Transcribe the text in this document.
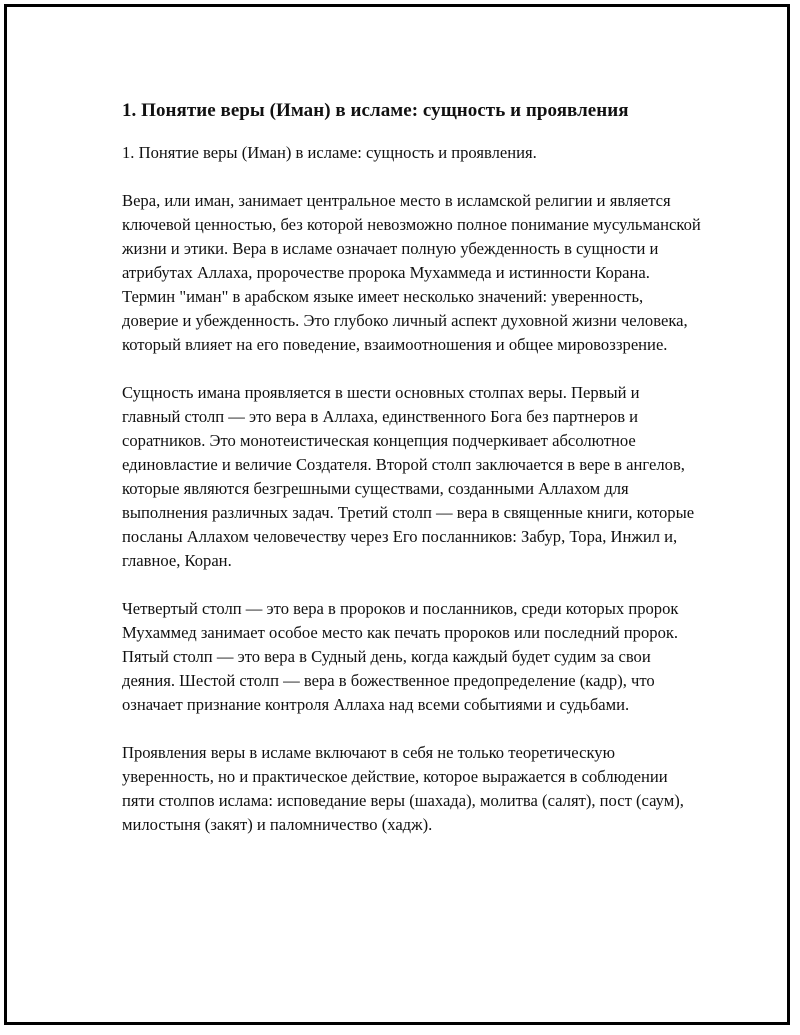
1. Понятие веры (Иман) в исламе: сущность и проявления

1. Понятие веры (Иман) в исламе: сущность и проявления.

Вера, или иман, занимает центральное место в исламской религии и является ключевой ценностью, без которой невозможно полное понимание мусульманской жизни и этики. Вера в исламе означает полную убежденность в сущности и атрибутах Аллаха, пророчестве пророка Мухаммеда и истинности Корана. Термин "иман" в арабском языке имеет несколько значений: уверенность, доверие и убежденность. Это глубоко личный аспект духовной жизни человека, который влияет на его поведение, взаимоотношения и общее мировоззрение.

Сущность имана проявляется в шести основных столпах веры. Первый и главный столп — это вера в Аллаха, единственного Бога без партнеров и соратников. Это монотеистическая концепция подчеркивает абсолютное единовластие и величие Создателя. Второй столп заключается в вере в ангелов, которые являются безгрешными существами, созданными Аллахом для выполнения различных задач. Третий столп — вера в священные книги, которые посланы Аллахом человечеству через Его посланников: Забур, Тора, Инжил и, главное, Коран.

Четвертый столп — это вера в пророков и посланников, среди которых пророк Мухаммед занимает особое место как печать пророков или последний пророк. Пятый столп — это вера в Судный день, когда каждый будет судим за свои деяния. Шестой столп — вера в божественное предопределение (кадр), что означает признание контроля Аллаха над всеми событиями и судьбами.

Проявления веры в исламе включают в себя не только теоретическую уверенность, но и практическое действие, которое выражается в соблюдении пяти столпов ислама: исповедание веры (шахада), молитва (салят), пост (саум), милостыня (закят) и паломничество (хадж).
